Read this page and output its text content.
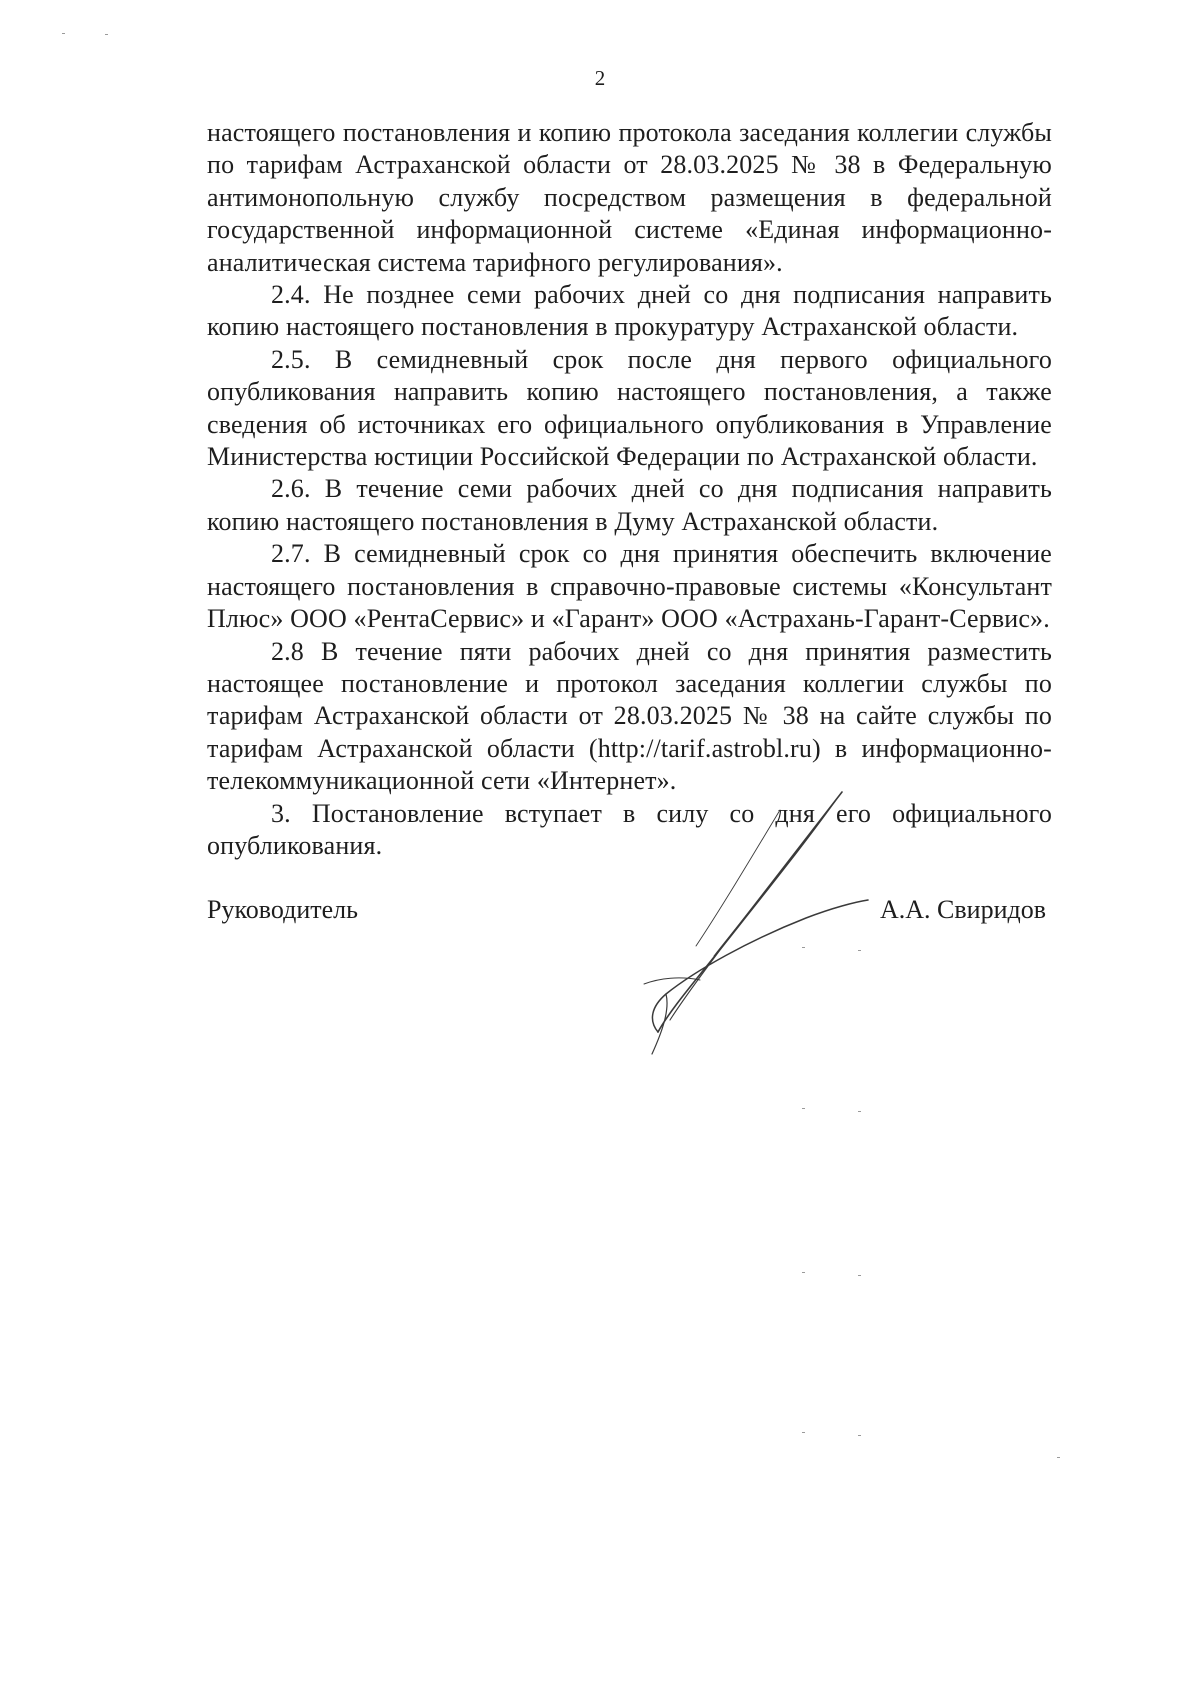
2

настоящего постановления и копию протокола заседания коллегии службы по тарифам Астраханской области от 28.03.2025 № 38 в Федеральную антимонопольную службу посредством размещения в федеральной государственной информационной системе «Единая информационно-аналитическая система тарифного регулирования».

2.4. Не позднее семи рабочих дней со дня подписания направить копию настоящего постановления в прокуратуру Астраханской области.

2.5. В семидневный срок после дня первого официального опубликования направить копию настоящего постановления, а также сведения об источниках его официального опубликования в Управление Министерства юстиции Российской Федерации по Астраханской области.

2.6. В течение семи рабочих дней со дня подписания направить копию настоящего постановления в Думу Астраханской области.

2.7. В семидневный срок со дня принятия обеспечить включение настоящего постановления в справочно-правовые системы «Консультант Плюс» ООО «РентаСервис» и «Гарант» ООО «Астрахань-Гарант-Сервис».

2.8 В течение пяти рабочих дней со дня принятия разместить настоящее постановление и протокол заседания коллегии службы по тарифам Астраханской области от 28.03.2025 № 38 на сайте службы по тарифам Астраханской области (http://tarif.astrobl.ru) в информационно-телекоммуникационной сети «Интернет».

3. Постановление вступает в силу со дня его официального опубликования.

Руководитель	А.А. Свиридов
